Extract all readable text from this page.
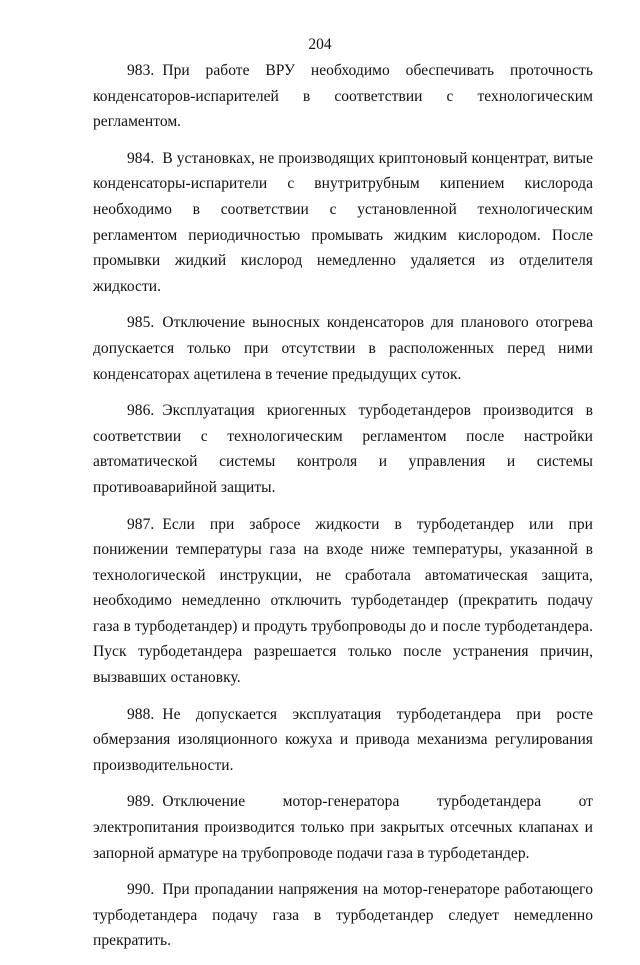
204

983. При работе ВРУ необходимо обеспечивать проточность конденсаторов-испарителей в соответствии с технологическим регламентом.

984. В установках, не производящих криптоновый концентрат, витые конденсаторы-испарители с внутритрубным кипением кислорода необходимо в соответствии с установленной технологическим регламентом периодичностью промывать жидким кислородом. После промывки жидкий кислород немедленно удаляется из отделителя жидкости.

985. Отключение выносных конденсаторов для планового отогрева допускается только при отсутствии в расположенных перед ними конденсаторах ацетилена в течение предыдущих суток.

986. Эксплуатация криогенных турбодетандеров производится в соответствии с технологическим регламентом после настройки автоматической системы контроля и управления и системы противоаварийной защиты.

987. Если при забросе жидкости в турбодетандер или при понижении температуры газа на входе ниже температуры, указанной в технологической инструкции, не сработала автоматическая защита, необходимо немедленно отключить турбодетандер (прекратить подачу газа в турбодетандер) и продуть трубопроводы до и после турбодетандера. Пуск турбодетандера разрешается только после устранения причин, вызвавших остановку.

988. Не допускается эксплуатация турбодетандера при росте обмерзания изоляционного кожуха и привода механизма регулирования производительности.

989. Отключение мотор-генератора турбодетандера от электропитания производится только при закрытых отсечных клапанах и запорной арматуре на трубопроводе подачи газа в турбодетандер.

990. При пропадании напряжения на мотор-генераторе работающего турбодетандера подачу газа в турбодетандер следует немедленно прекратить.
